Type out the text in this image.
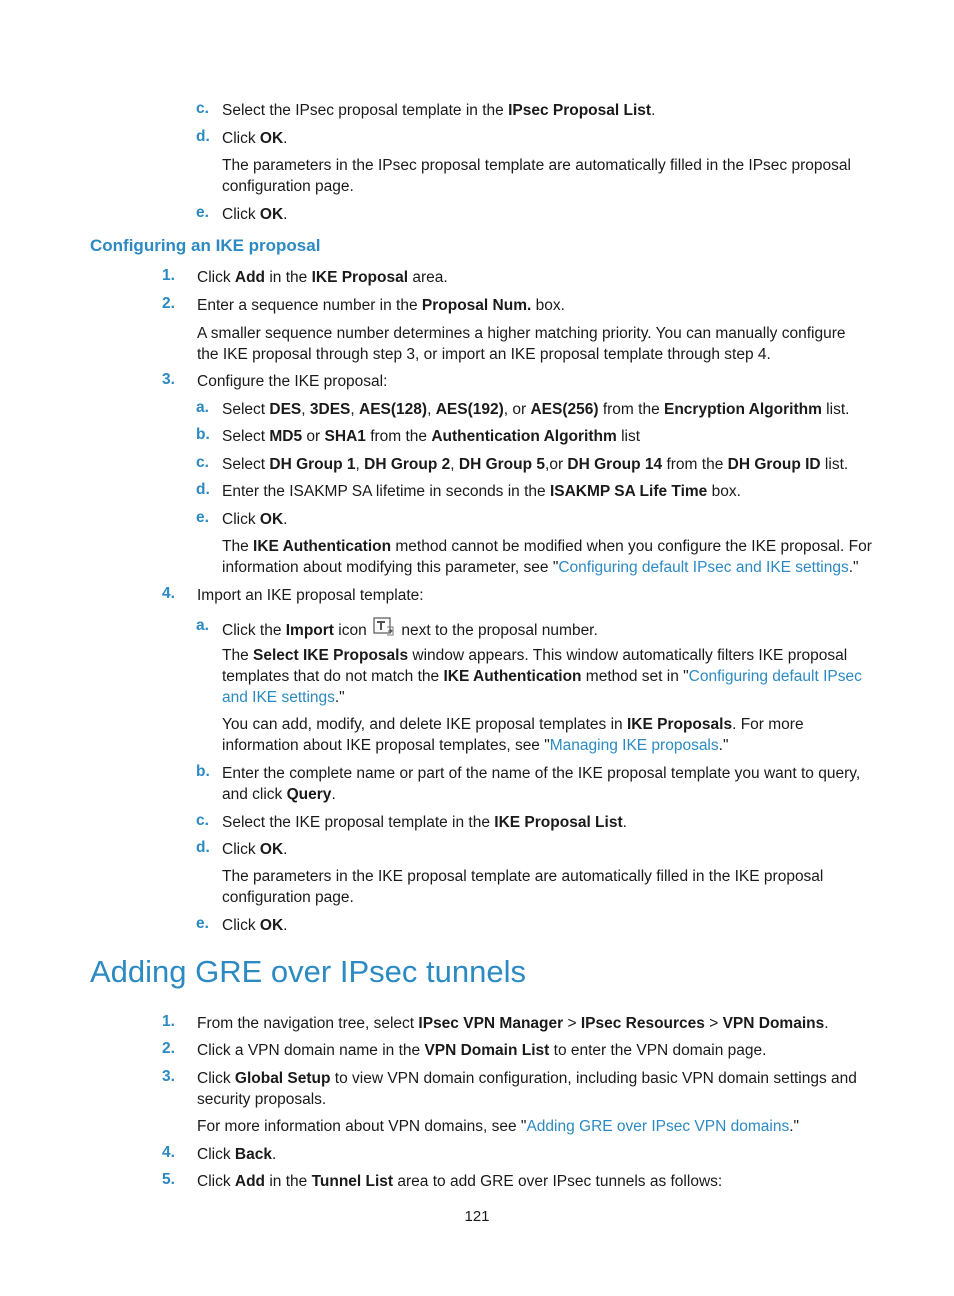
c. Select the IPsec proposal template in the IPsec Proposal List.
d. Click OK.
The parameters in the IPsec proposal template are automatically filled in the IPsec proposal configuration page.
e. Click OK.
Configuring an IKE proposal
1. Click Add in the IKE Proposal area.
2. Enter a sequence number in the Proposal Num. box.
A smaller sequence number determines a higher matching priority. You can manually configure the IKE proposal through step 3, or import an IKE proposal template through step 4.
3. Configure the IKE proposal:
a. Select DES, 3DES, AES(128), AES(192), or AES(256) from the Encryption Algorithm list.
b. Select MD5 or SHA1 from the Authentication Algorithm list
c. Select DH Group 1, DH Group 2, DH Group 5,or DH Group 14 from the DH Group ID list.
d. Enter the ISAKMP SA lifetime in seconds in the ISAKMP SA Life Time box.
e. Click OK.
The IKE Authentication method cannot be modified when you configure the IKE proposal. For information about modifying this parameter, see "Configuring default IPsec and IKE settings."
4. Import an IKE proposal template:
a. Click the Import icon  next to the proposal number.
The Select IKE Proposals window appears. This window automatically filters IKE proposal templates that do not match the IKE Authentication method set in "Configuring default IPsec and IKE settings."
You can add, modify, and delete IKE proposal templates in IKE Proposals. For more information about IKE proposal templates, see "Managing IKE proposals."
b. Enter the complete name or part of the name of the IKE proposal template you want to query, and click Query.
c. Select the IKE proposal template in the IKE Proposal List.
d. Click OK.
The parameters in the IKE proposal template are automatically filled in the IKE proposal configuration page.
e. Click OK.
Adding GRE over IPsec tunnels
1. From the navigation tree, select IPsec VPN Manager > IPsec Resources > VPN Domains.
2. Click a VPN domain name in the VPN Domain List to enter the VPN domain page.
3. Click Global Setup to view VPN domain configuration, including basic VPN domain settings and security proposals.
For more information about VPN domains, see "Adding GRE over IPsec VPN domains."
4. Click Back.
5. Click Add in the Tunnel List area to add GRE over IPsec tunnels as follows:
121
